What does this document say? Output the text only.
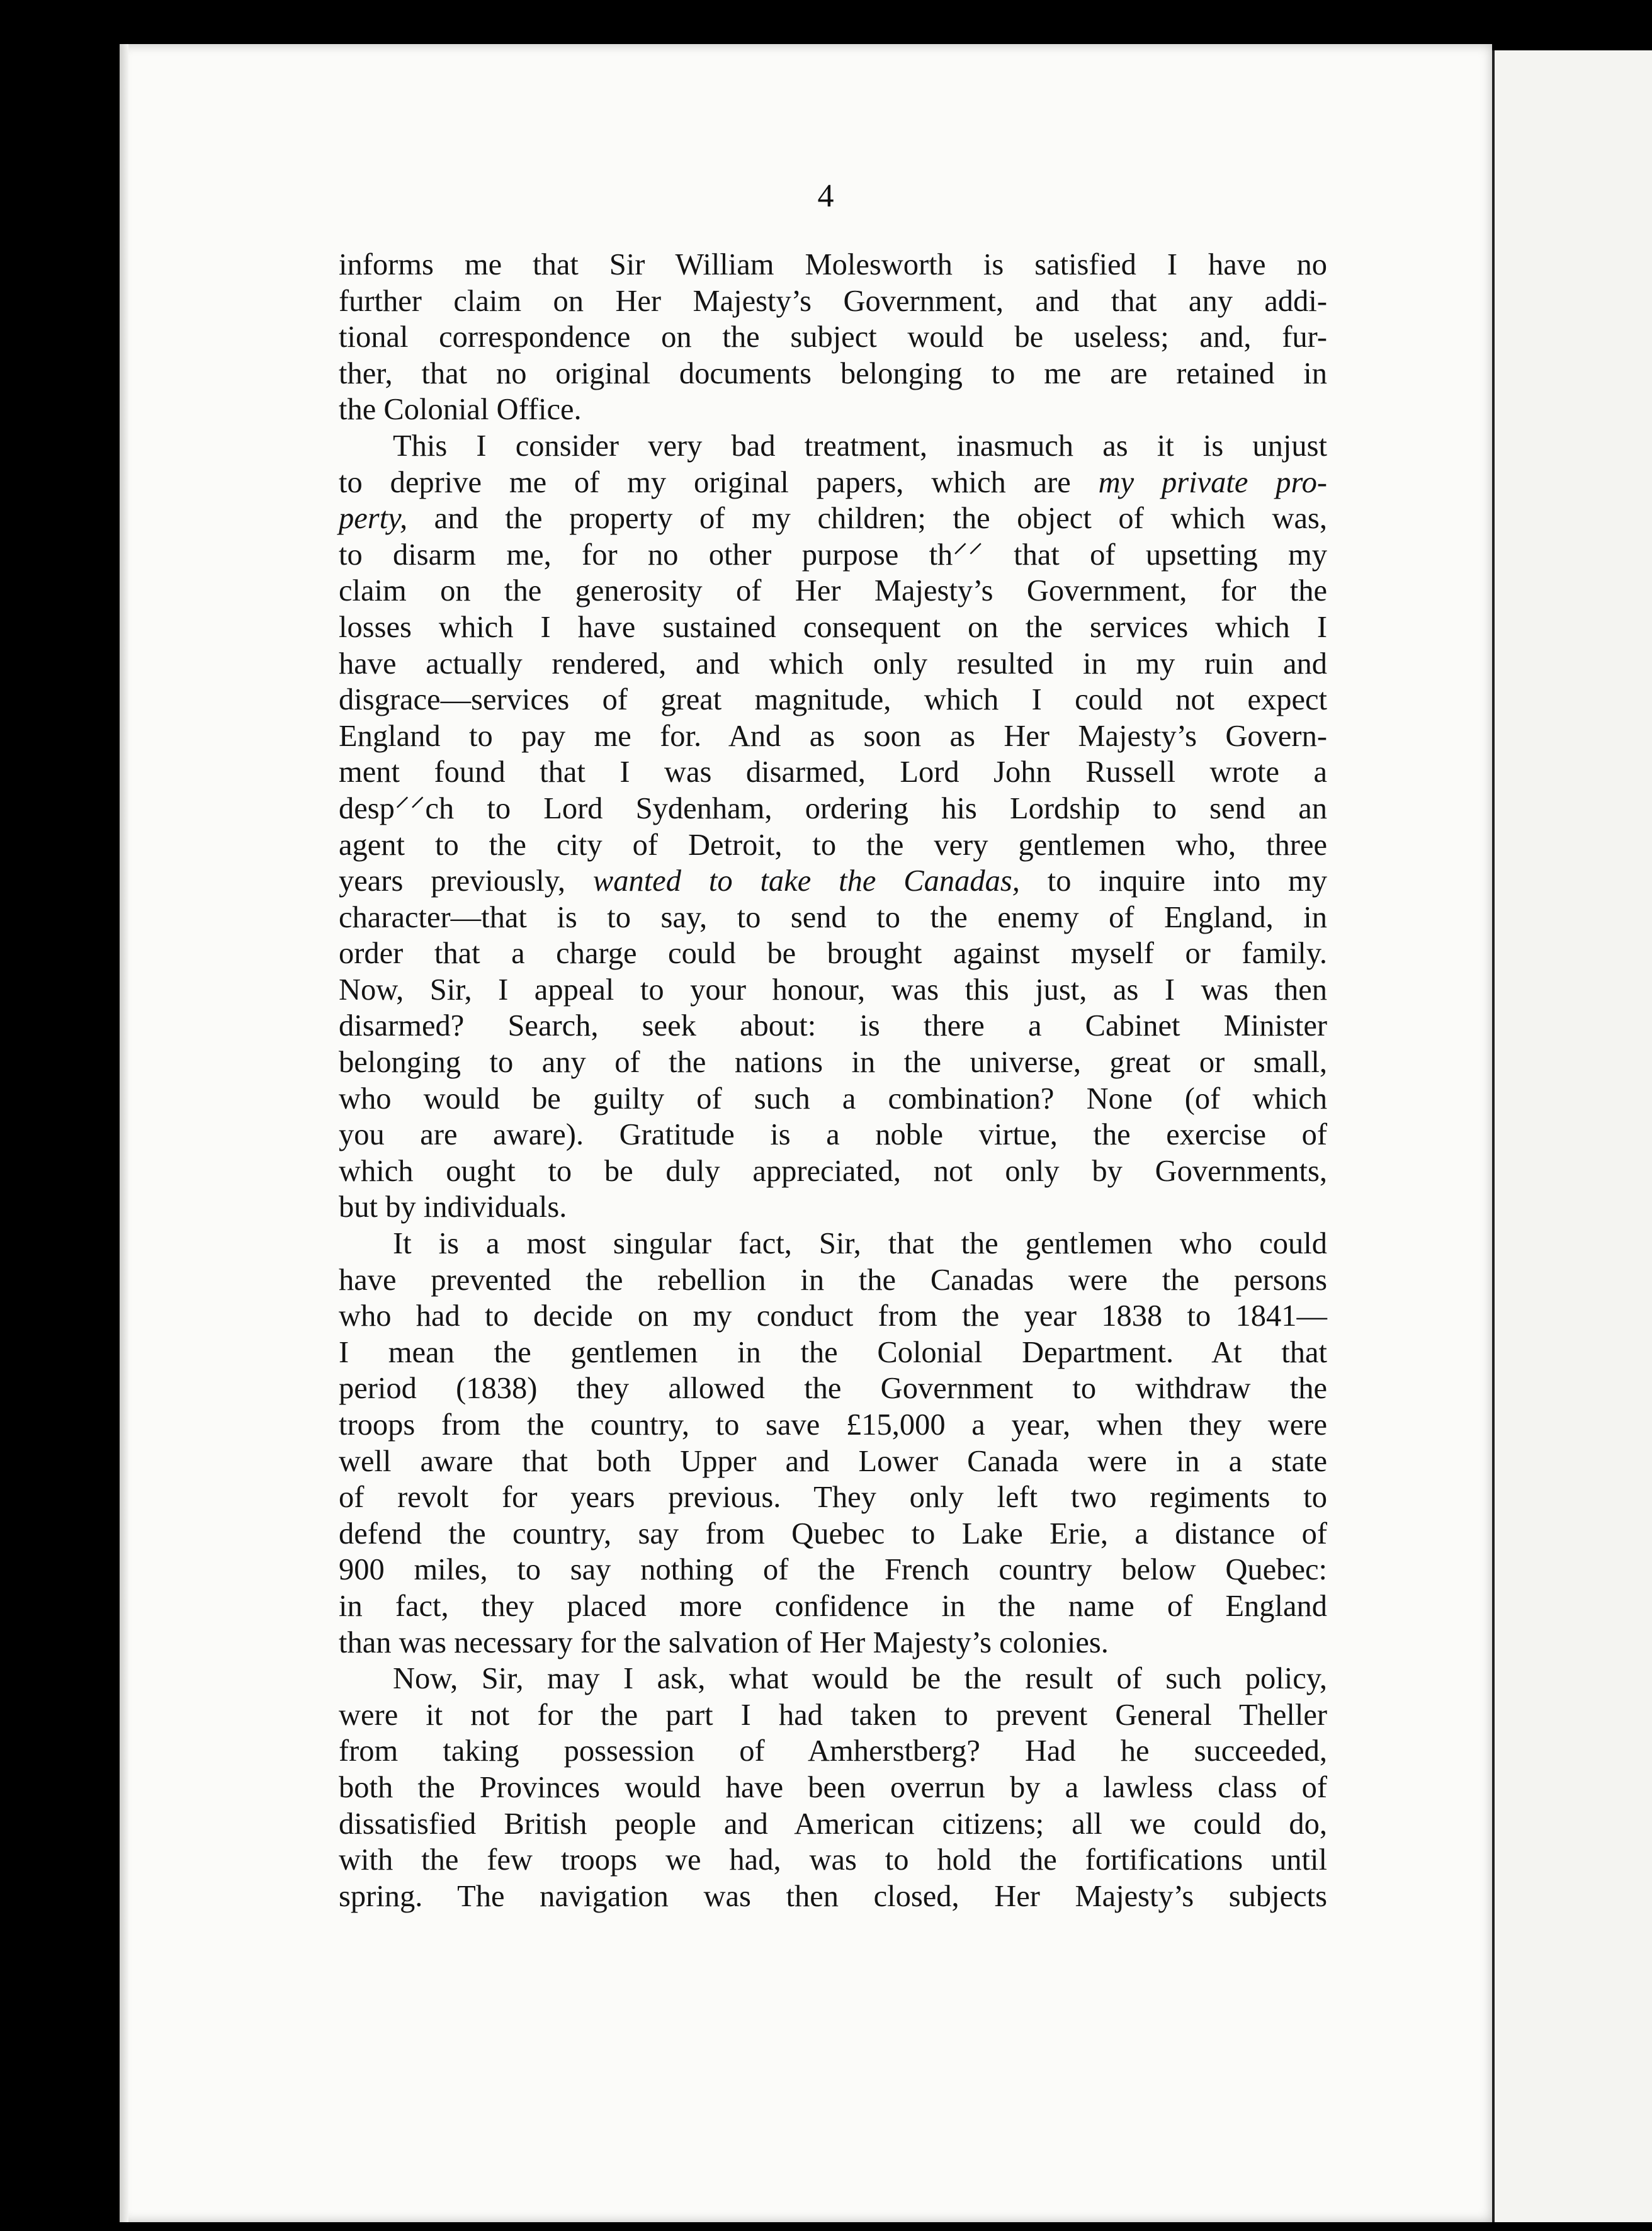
4
informs me that Sir William Molesworth is satisfied I have no
further claim on Her Majesty’s Government, and that any addi-
tional correspondence on the subject would be useless; and, fur-
ther, that no original documents belonging to me are retained in
the Colonial Office.
This I consider very bad treatment, inasmuch as it is unjust
to deprive me of my original papers, which are my private pro-
perty, and the property of my children; the object of which was,
to disarm me, for no other purpose th⸍⸍ that of upsetting my
claim on the generosity of Her Majesty’s Government, for the
losses which I have sustained consequent on the services which I
have actually rendered, and which only resulted in my ruin and
disgrace—services of great magnitude, which I could not expect
England to pay me for. And as soon as Her Majesty’s Govern-
ment found that I was disarmed, Lord John Russell wrote a
desp⸍⸍ch to Lord Sydenham, ordering his Lordship to send an
agent to the city of Detroit, to the very gentlemen who, three
years previously, wanted to take the Canadas, to inquire into my
character—that is to say, to send to the enemy of England, in
order that a charge could be brought against myself or family.
Now, Sir, I appeal to your honour, was this just, as I was then
disarmed? Search, seek about: is there a Cabinet Minister
belonging to any of the nations in the universe, great or small,
who would be guilty of such a combination? None (of which
you are aware). Gratitude is a noble virtue, the exercise of
which ought to be duly appreciated, not only by Governments,
but by individuals.
It is a most singular fact, Sir, that the gentlemen who could
have prevented the rebellion in the Canadas were the persons
who had to decide on my conduct from the year 1838 to 1841—
I mean the gentlemen in the Colonial Department. At that
period (1838) they allowed the Government to withdraw the
troops from the country, to save £15,000 a year, when they were
well aware that both Upper and Lower Canada were in a state
of revolt for years previous. They only left two regiments to
defend the country, say from Quebec to Lake Erie, a distance of
900 miles, to say nothing of the French country below Quebec:
in fact, they placed more confidence in the name of England
than was necessary for the salvation of Her Majesty’s colonies.
Now, Sir, may I ask, what would be the result of such policy,
were it not for the part I had taken to prevent General Theller
from taking possession of Amherstberg? Had he succeeded,
both the Provinces would have been overrun by a lawless class of
dissatisfied British people and American citizens; all we could do,
with the few troops we had, was to hold the fortifications until
spring. The navigation was then closed, Her Majesty’s subjects
